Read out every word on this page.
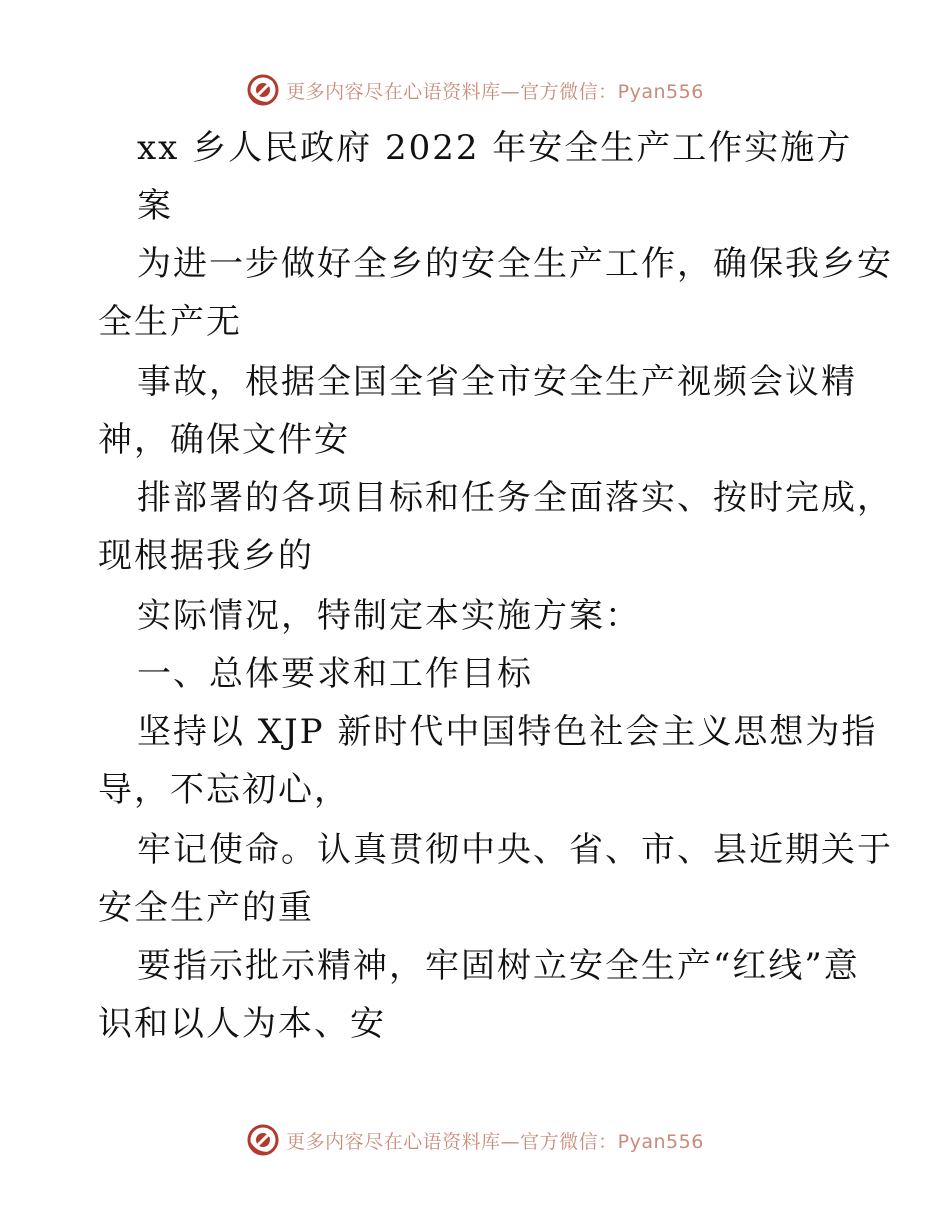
更多内容尽在心语资料库—官方微信：Pyan556
xx 乡人民政府 2022 年安全生产工作实施方
案
为进一步做好全乡的安全生产工作，确保我乡安
全生产无
事故，根据全国全省全市安全生产视频会议精
神，确保文件安
排部署的各项目标和任务全面落实、按时完成，
现根据我乡的
实际情况，特制定本实施方案：
一、总体要求和工作目标
坚持以 XJP 新时代中国特色社会主义思想为指
导，不忘初心，
牢记使命。认真贯彻中央、省、市、县近期关于
安全生产的重
要指示批示精神，牢固树立安全生产“红线”意
识和以人为本、安
更多内容尽在心语资料库—官方微信：Pyan556
